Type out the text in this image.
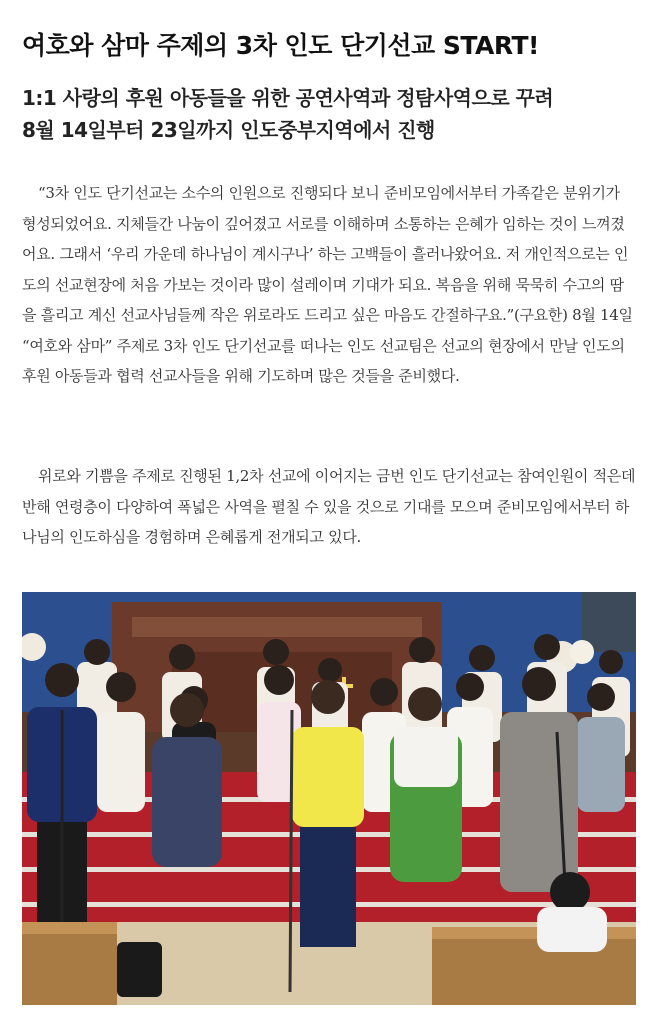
여호와 삼마 주제의 3차 인도 단기선교 START!
1:1 사랑의 후원 아동들을 위한 공연사역과 정탐사역으로 꾸려
8월 14일부터 23일까지 인도중부지역에서 진행

“3차 인도 단기선교는 소수의 인원으로 진행되다 보니 준비모임에서부터 가족같은 분위기가 형성되었어요. 지체들간 나눔이 깊어졌고 서로를 이해하며 소통하는 은혜가 임하는 것이 느껴졌어요. 그래서 ‘우리 가운데 하나님이 계시구나’ 하는 고백들이 흘러나왔어요. 저 개인적으로는 인도의 선교현장에 처음 가보는 것이라 많이 설레이며 기대가 되요. 복음을 위해 묵묵히 수고의 땀을 흘리고 계신 선교사님들께 작은 위로라도 드리고 싶은 마음도 간절하구요.”(구요한) 8월 14일 “여호와 삼마” 주제로 3차 인도 단기선교를 떠나는 인도 선교팀은 선교의 현장에서 만날 인도의 후원 아동들과 협력 선교사들을 위해 기도하며 많은 것들을 준비했다.

위로와 기쁨을 주제로 진행된 1,2차 선교에 이어지는 금번 인도 단기선교는 참여인원이 적은데 반해 연령층이 다양하여 폭넓은 사역을 펼칠 수 있을 것으로 기대를 모으며 준비모임에서부터 하나님의 인도하심을 경험하며 은혜롭게 전개되고 있다.
